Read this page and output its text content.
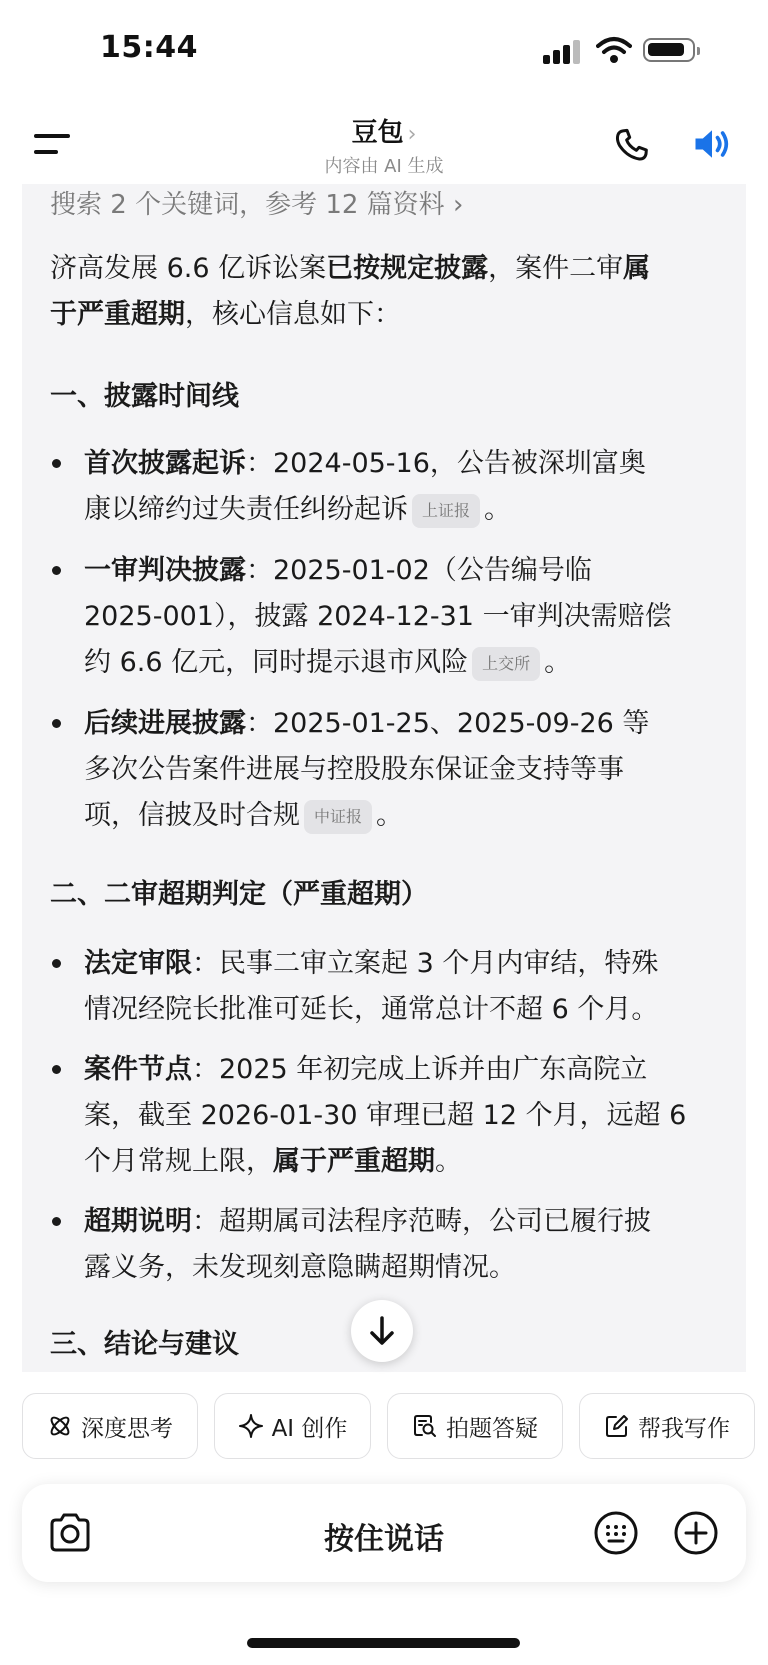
15:44
豆包 ›
内容由 AI 生成
搜索 2 个关键词，参考 12 篇资料 ›
济高发展 6.6 亿诉讼案已按规定披露，案件二审属
于严重超期，核心信息如下：
一、披露时间线
首次披露起诉：2024-05-16，公告被深圳富奥
康以缔约过失责任纠纷起诉 上证报 。
一审判决披露：2025-01-02（公告编号临
2025-001），披露 2024-12-31 一审判决需赔偿
约 6.6 亿元，同时提示退市风险 上交所 。
后续进展披露：2025-01-25、2025-09-26 等
多次公告案件进展与控股股东保证金支持等事
项，信披及时合规 中证报 。
二、二审超期判定（严重超期）
法定审限：民事二审立案起 3 个月内审结，特殊
情况经院长批准可延长，通常总计不超 6 个月。
案件节点：2025 年初完成上诉并由广东高院立
案，截至 2026-01-30 审理已超 12 个月，远超 6
个月常规上限，属于严重超期。
超期说明：超期属司法程序范畴，公司已履行披
露义务，未发现刻意隐瞒超期情况。
三、结论与建议
深度思考	AI 创作	拍题答疑	帮我写作
按住说话
